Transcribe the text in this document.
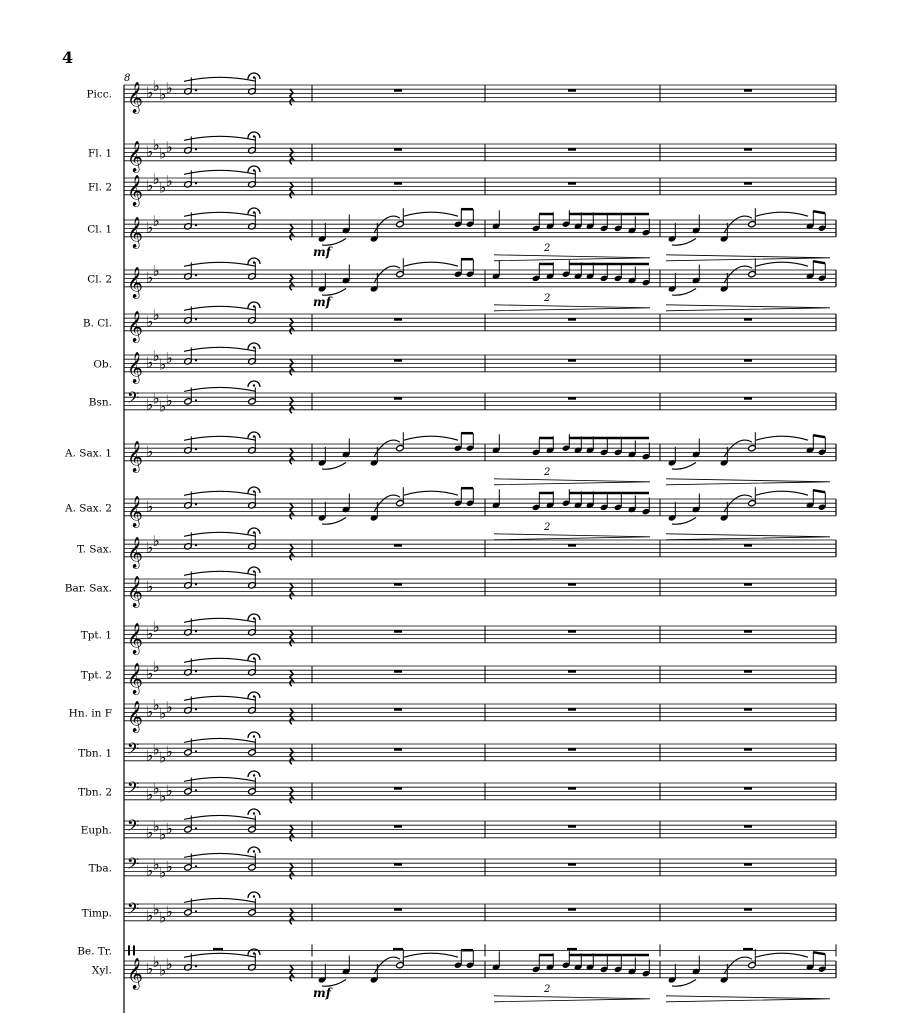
4
Picc. 𝄞 ♭ ♭ ♭ ♭
8
Fl. 1 𝄞 ♭ ♭ ♭ ♭
Fl. 2 𝄞 ♭ ♭ ♭ ♭
Cl. 1 𝄞 ♭ ♭
2
mf
Cl. 2 𝄞 ♭ ♭
2
mf
B. Cl. 𝄞 ♭ ♭
Ob. 𝄞 ♭ ♭ ♭ ♭
Bsn. 𝄢 ♭ ♭ ♭ ♭
A. Sax. 1 𝄞 ♭
2
A. Sax. 2 𝄞 ♭
2
T. Sax. 𝄞 ♭ ♭
Bar. Sax. 𝄞 ♭
Tpt. 1 𝄞 ♭ ♭
Tpt. 2 𝄞 ♭ ♭
Hn. in F 𝄞 ♭ ♭ ♭ ♭
Tbn. 1 𝄢 ♭ ♭ ♭ ♭
Tbn. 2 𝄢 ♭ ♭ ♭ ♭
Euph. 𝄢 ♭ ♭ ♭ ♭
Tba. 𝄢 ♭ ♭ ♭ ♭
Timp. 𝄢 ♭ ♭ ♭ ♭
Be. Tr.
Xyl. 𝄞 ♭ ♭ ♭ ♭
2
mf
